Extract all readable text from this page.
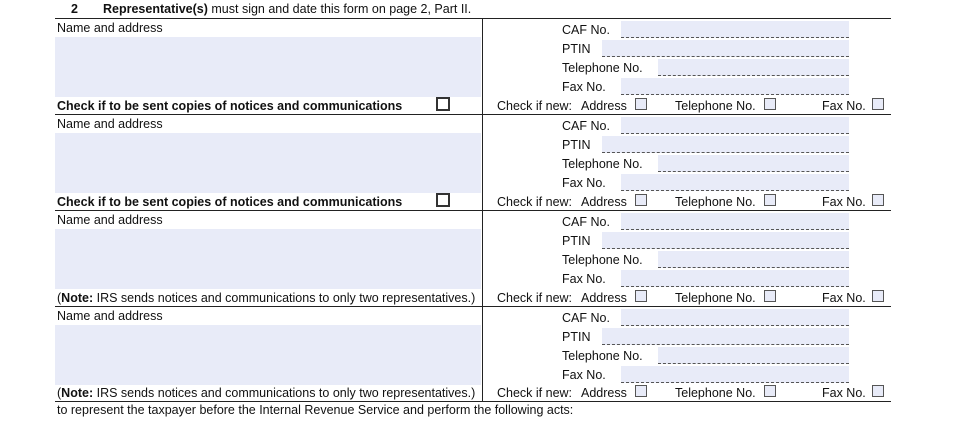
2 Representative(s) must sign and date this form on page 2, Part II.
Name and address	CAF No.
PTIN
Telephone No.
Fax No.
Check if to be sent copies of notices and communications	Check if new: Address	Telephone No.	Fax No.
Name and address	CAF No.
PTIN
Telephone No.
Fax No.
Check if to be sent copies of notices and communications	Check if new: Address	Telephone No.	Fax No.
Name and address	CAF No.
PTIN
Telephone No.
Fax No.
(Note: IRS sends notices and communications to only two representatives.) Check if new: Address	Telephone No.	Fax No.
Name and address	CAF No.
PTIN
Telephone No.
Fax No.
(Note: IRS sends notices and communications to only two representatives.) Check if new: Address	Telephone No.	Fax No.
to represent the taxpayer before the Internal Revenue Service and perform the following acts:
